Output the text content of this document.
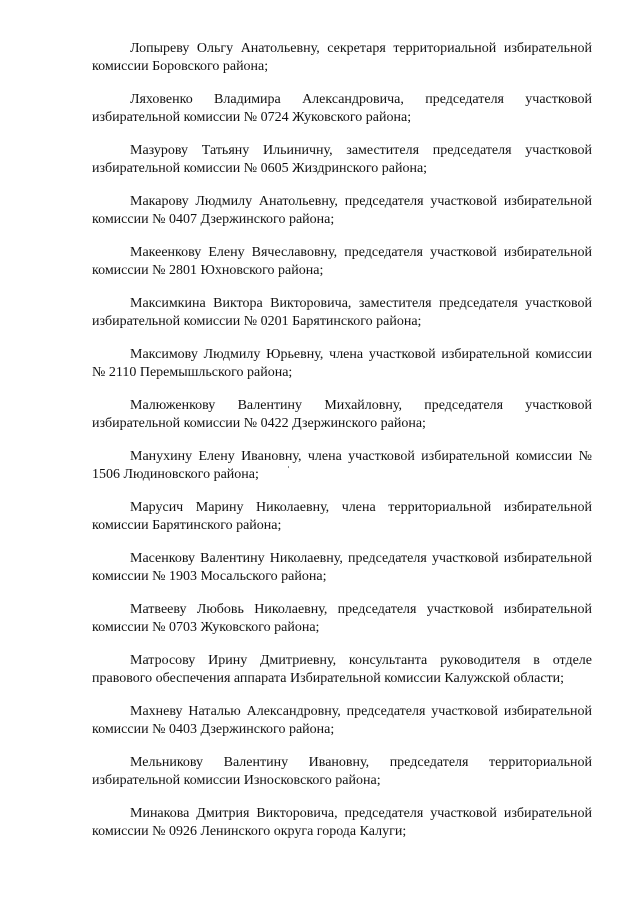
Лопыреву Ольгу Анатольевну, секретаря территориальной избирательной комиссии Боровского района;

Ляховенко Владимира Александровича, председателя участковой избирательной комиссии № 0724 Жуковского района;

Мазурову Татьяну Ильиничну, заместителя председателя участковой избирательной комиссии № 0605 Жиздринского района;

Макарову Людмилу Анатольевну, председателя участковой избирательной комиссии № 0407 Дзержинского района;

Макеенкову Елену Вячеславовну, председателя участковой избирательной комиссии № 2801 Юхновского района;

Максимкина Виктора Викторовича, заместителя председателя участковой избирательной комиссии № 0201 Барятинского района;

Максимову Людмилу Юрьевну, члена участковой избирательной комиссии № 2110 Перемышльского района;

Малюженкову Валентину Михайловну, председателя участковой избирательной комиссии № 0422 Дзержинского района;

Манухину Елену Ивановну, члена участковой избирательной комиссии № 1506 Людиновского района;

Марусич Марину Николаевну, члена территориальной избирательной комиссии Барятинского района;

Масенкову Валентину Николаевну, председателя участковой избирательной комиссии № 1903 Мосальского района;

Матвееву Любовь Николаевну, председателя участковой избирательной комиссии № 0703 Жуковского района;

Матросову Ирину Дмитриевну, консультанта руководителя в отделе правового обеспечения аппарата Избирательной комиссии Калужской области;

Махневу Наталью Александровну, председателя участковой избирательной комиссии № 0403 Дзержинского района;

Мельникову Валентину Ивановну, председателя территориальной избирательной комиссии Износковского района;

Минакова Дмитрия Викторовича, председателя участковой избирательной комиссии № 0926 Ленинского округа города Калуги;
